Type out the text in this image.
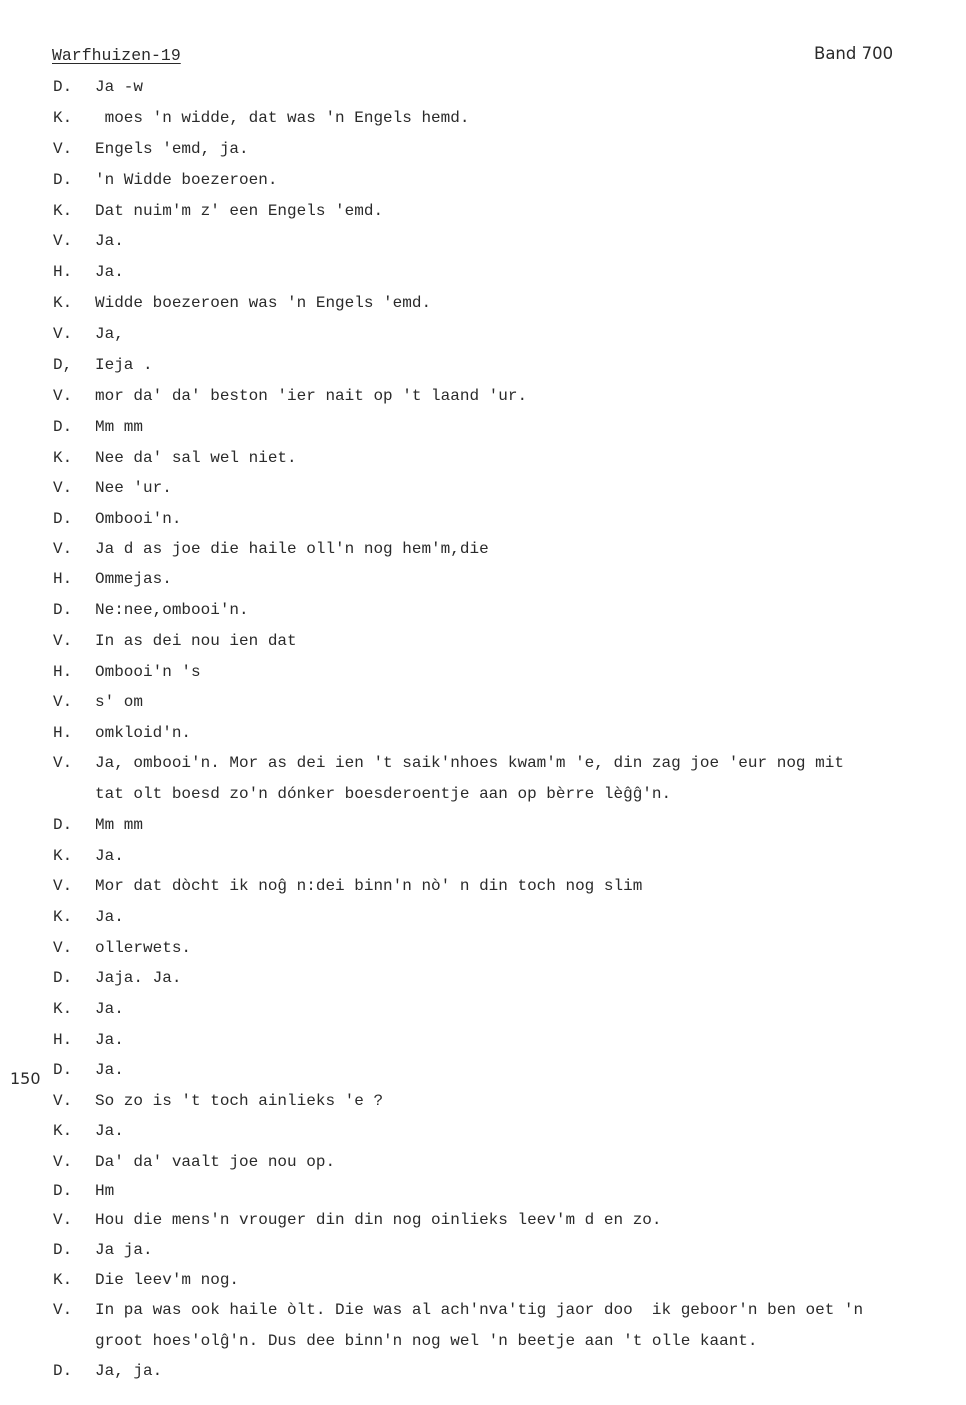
Warfhuizen-19	Band 700
150
D. Ja -w
K. moes 'n widde, dat was 'n Engels hemd.
V. Engels 'emd, ja.
D. 'n Widde boezeroen.
K. Dat nuim'm z' een Engels 'emd.
V. Ja.
H. Ja.
K. Widde boezeroen was 'n Engels 'emd.
V. Ja,
D, Ieja .
V. mor da' da' beston 'ier nait op 't laand 'ur.
D. Mm mm
K. Nee da' sal wel niet.
V. Nee 'ur.
D. Ombooi'n.
V. Ja d as joe die haile oll'n nog hem'm,die
H. Ommejas.
D. Ne:nee,ombooi'n.
V. In as dei nou ien dat
H. Ombooi'n 's
V. s' om
H. omkloid'n.
V. Ja, ombooi'n. Mor as dei ien 't saik'nhoes kwam'm 'e, din zag joe 'eur nog mit
tat olt boesd zo'n dónker boesderoentje aan op bèrre lèĝĝ'n.
D. Mm mm
K. Ja.
V. Mor dat dòcht ik noĝ n:dei binn'n nò' n din toch nog slim
K. Ja.
V. ollerwets.
D. Jaja. Ja.
K. Ja.
H. Ja.
D. Ja.
V. So zo is 't toch ainlieks 'e ?
K. Ja.
V. Da' da' vaalt joe nou op.
D. Hm
V. Hou die mens'n vrouger din din nog oinlieks leev'm d en zo.
D. Ja ja.
K. Die leev'm nog.
V. In pa was ook haile òlt. Die was al ach'nva'tig jaor doo  ik geboor'n ben oet 'n
groot hoes'olĝ'n. Dus dee binn'n nog wel 'n beetje aan 't olle kaant.
D. Ja, ja.
